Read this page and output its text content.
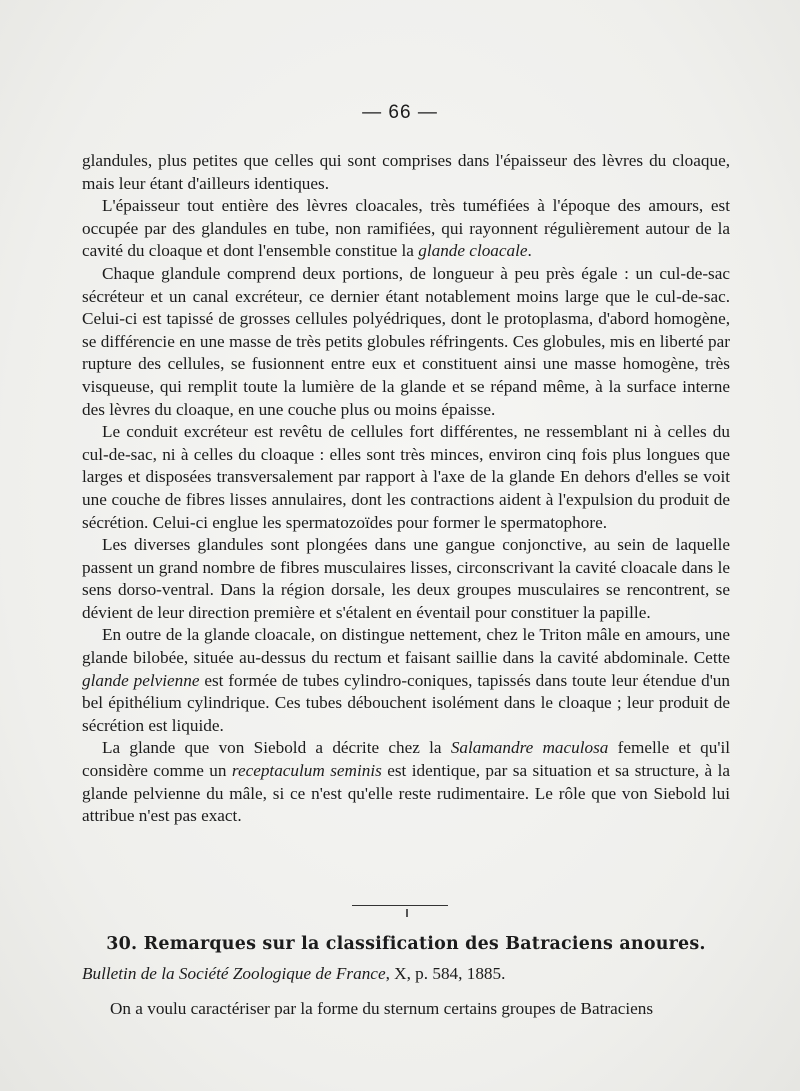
— 66 —

glandules, plus petites que celles qui sont comprises dans l'épaisseur des lèvres du cloaque, mais leur étant d'ailleurs identiques.

L'épaisseur tout entière des lèvres cloacales, très tuméfiées à l'époque des amours, est occupée par des glandules en tube, non ramifiées, qui rayonnent régulièrement autour de la cavité du cloaque et dont l'ensemble constitue la glande cloacale.

Chaque glandule comprend deux portions, de longueur à peu près égale : un cul-de-sac sécréteur et un canal excréteur, ce dernier étant notablement moins large que le cul-de-sac. Celui-ci est tapissé de grosses cellules polyédriques, dont le protoplasma, d'abord homogène, se différencie en une masse de très petits globules réfringents. Ces globules, mis en liberté par rupture des cellules, se fusionnent entre eux et constituent ainsi une masse homogène, très visqueuse, qui remplit toute la lumière de la glande et se répand même, à la surface interne des lèvres du cloaque, en une couche plus ou moins épaisse.

Le conduit excréteur est revêtu de cellules fort différentes, ne ressemblant ni à celles du cul-de-sac, ni à celles du cloaque : elles sont très minces, environ cinq fois plus longues que larges et disposées transversalement par rapport à l'axe de la glande En dehors d'elles se voit une couche de fibres lisses annulaires, dont les contractions aident à l'expulsion du produit de sécrétion. Celui-ci englue les spermatozoïdes pour former le spermatophore.

Les diverses glandules sont plongées dans une gangue conjonctive, au sein de laquelle passent un grand nombre de fibres musculaires lisses, circonscrivant la cavité cloacale dans le sens dorso-ventral. Dans la région dorsale, les deux groupes musculaires se rencontrent, se dévient de leur direction première et s'étalent en éventail pour constituer la papille.

En outre de la glande cloacale, on distingue nettement, chez le Triton mâle en amours, une glande bilobée, située au-dessus du rectum et faisant saillie dans la cavité abdominale. Cette glande pelvienne est formée de tubes cylindro-coniques, tapissés dans toute leur étendue d'un bel épithélium cylindrique. Ces tubes débouchent isolément dans le cloaque ; leur produit de sécrétion est liquide.

La glande que von Siebold a décrite chez la Salamandre maculosa femelle et qu'il considère comme un receptaculum seminis est identique, par sa situation et sa structure, à la glande pelvienne du mâle, si ce n'est qu'elle reste rudimentaire. Le rôle que von Siebold lui attribue n'est pas exact.

30. Remarques sur la classification des Batraciens anoures.
Bulletin de la Société Zoologique de France, X, p. 584, 1885.
On a voulu caractériser par la forme du sternum certains groupes de Batraciens
